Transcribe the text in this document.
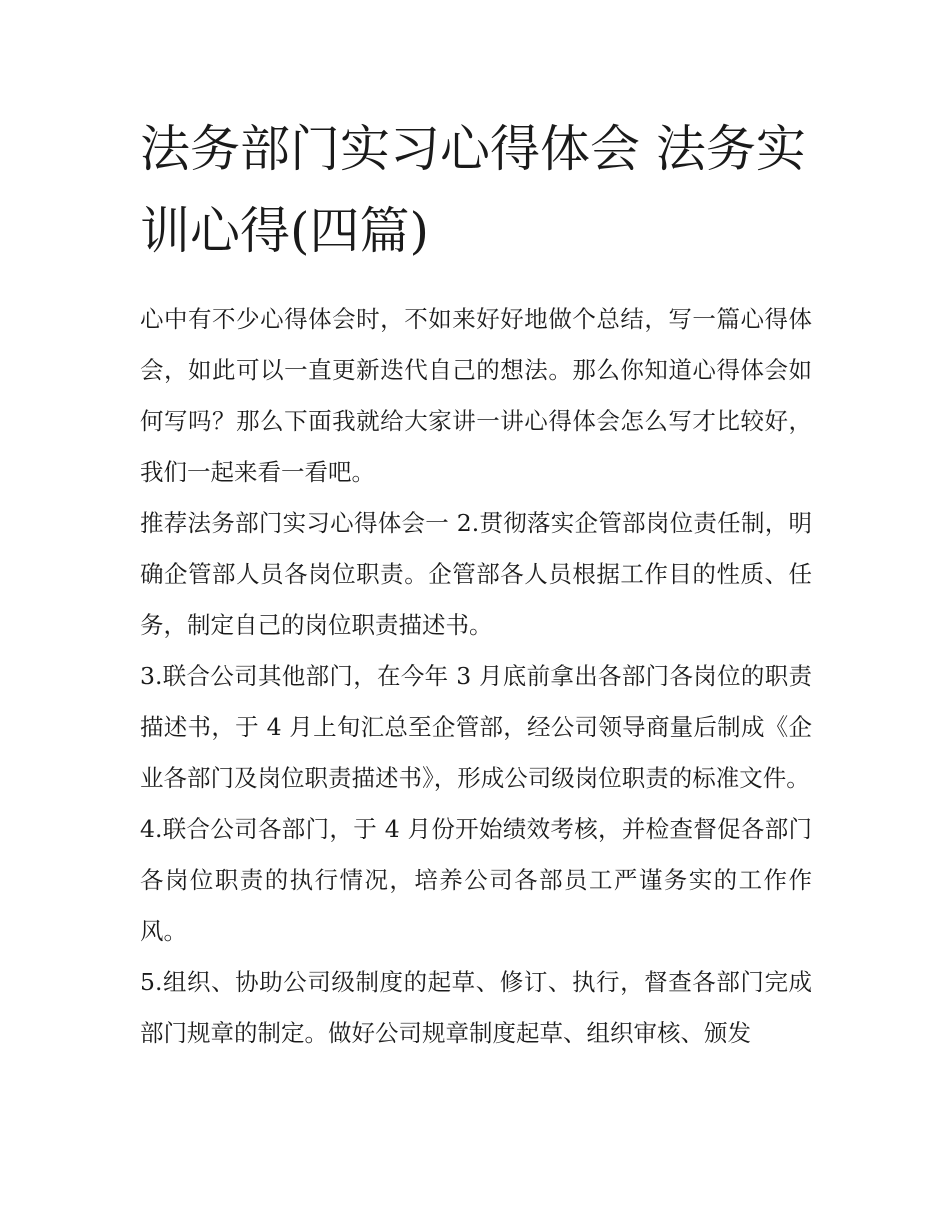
法务部门实习心得体会 法务实训心得(四篇)

心中有不少心得体会时，不如来好好地做个总结，写一篇心得体会，如此可以一直更新迭代自己的想法。那么你知道心得体会如何写吗？那么下面我就给大家讲一讲心得体会怎么写才比较好，我们一起来看一看吧。

推荐法务部门实习心得体会一 2.贯彻落实企管部岗位责任制，明确企管部人员各岗位职责。企管部各人员根据工作目的性质、任务，制定自己的岗位职责描述书。

3.联合公司其他部门，在今年 3 月底前拿出各部门各岗位的职责描述书，于 4 月上旬汇总至企管部，经公司领导商量后制成《企业各部门及岗位职责描述书》，形成公司级岗位职责的标准文件。

4.联合公司各部门，于 4 月份开始绩效考核，并检查督促各部门各岗位职责的执行情况，培养公司各部员工严谨务实的工作作风。

5.组织、协助公司级制度的起草、修订、执行，督查各部门完成部门规章的制定。做好公司规章制度起草、组织审核、颁发
